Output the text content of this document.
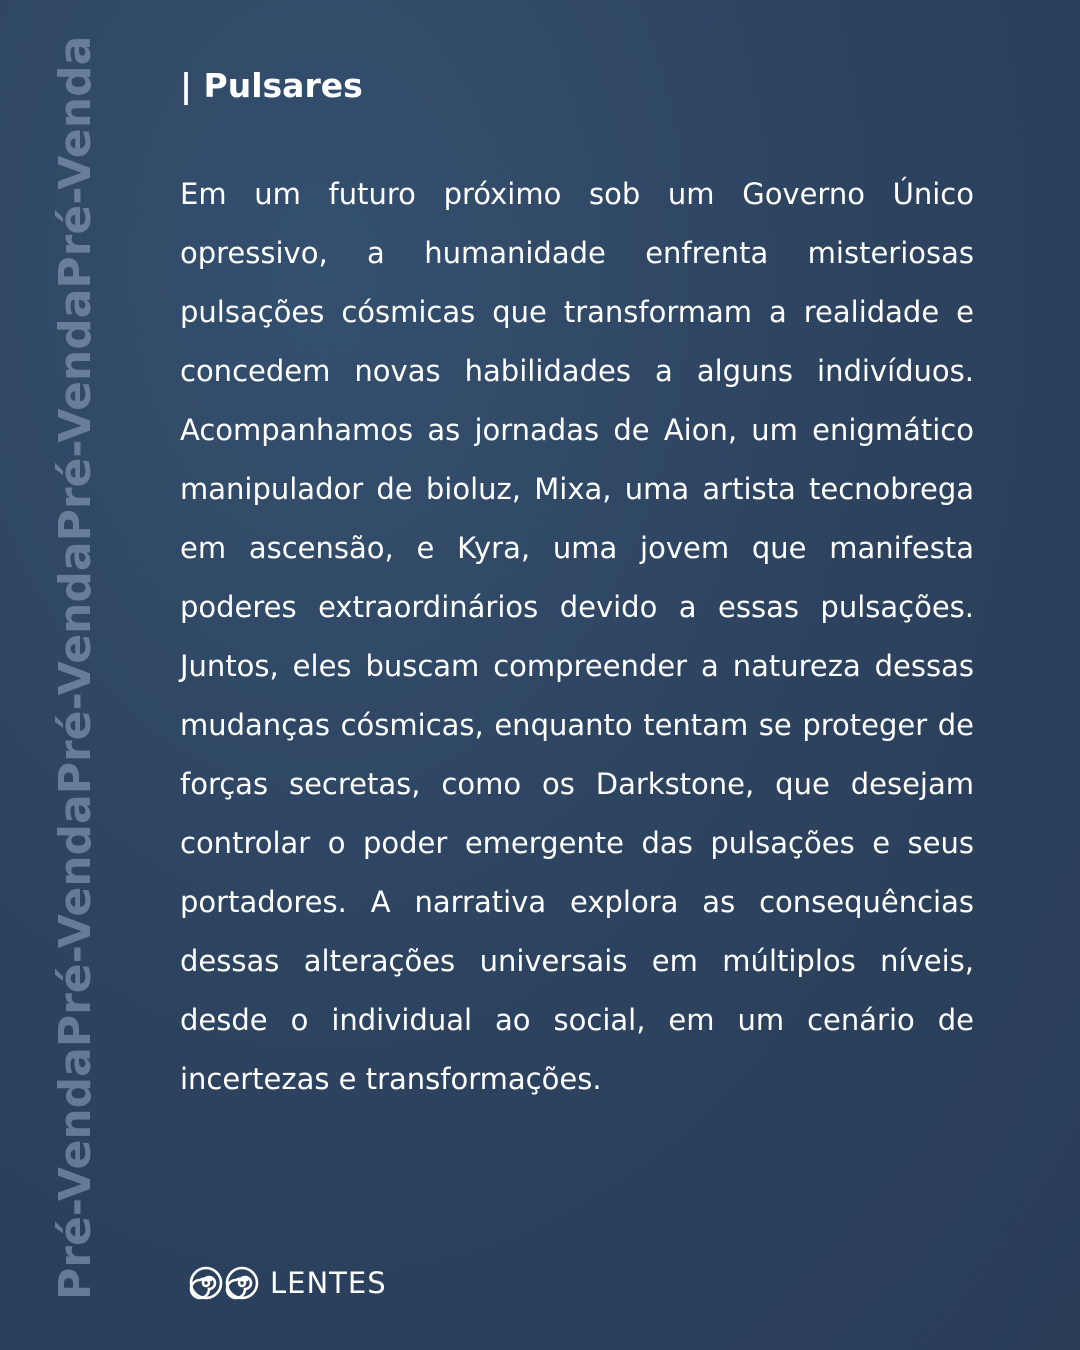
Pré-Venda
Pré-Venda
Pré-Venda
Pré-Venda
Pré-Venda | Pulsares

Em um futuro próximo sob um Governo Único opressivo, a humanidade enfrenta misteriosas pulsações cósmicas que transformam a realidade e concedem novas habilidades a alguns indivíduos. Acompanhamos as jornadas de Aion, um enigmático manipulador de bioluz, Mixa, uma artista tecnobrega em ascensão, e Kyra, uma jovem que manifesta poderes extraordinários devido a essas pulsações. Juntos, eles buscam compreender a natureza dessas mudanças cósmicas, enquanto tentam se proteger de forças secretas, como os Darkstone, que desejam controlar o poder emergente das pulsações e seus portadores. A narrativa explora as consequências dessas alterações universais em múltiplos níveis, desde o individual ao social, em um cenário de incertezas e transformações.

LENTES
